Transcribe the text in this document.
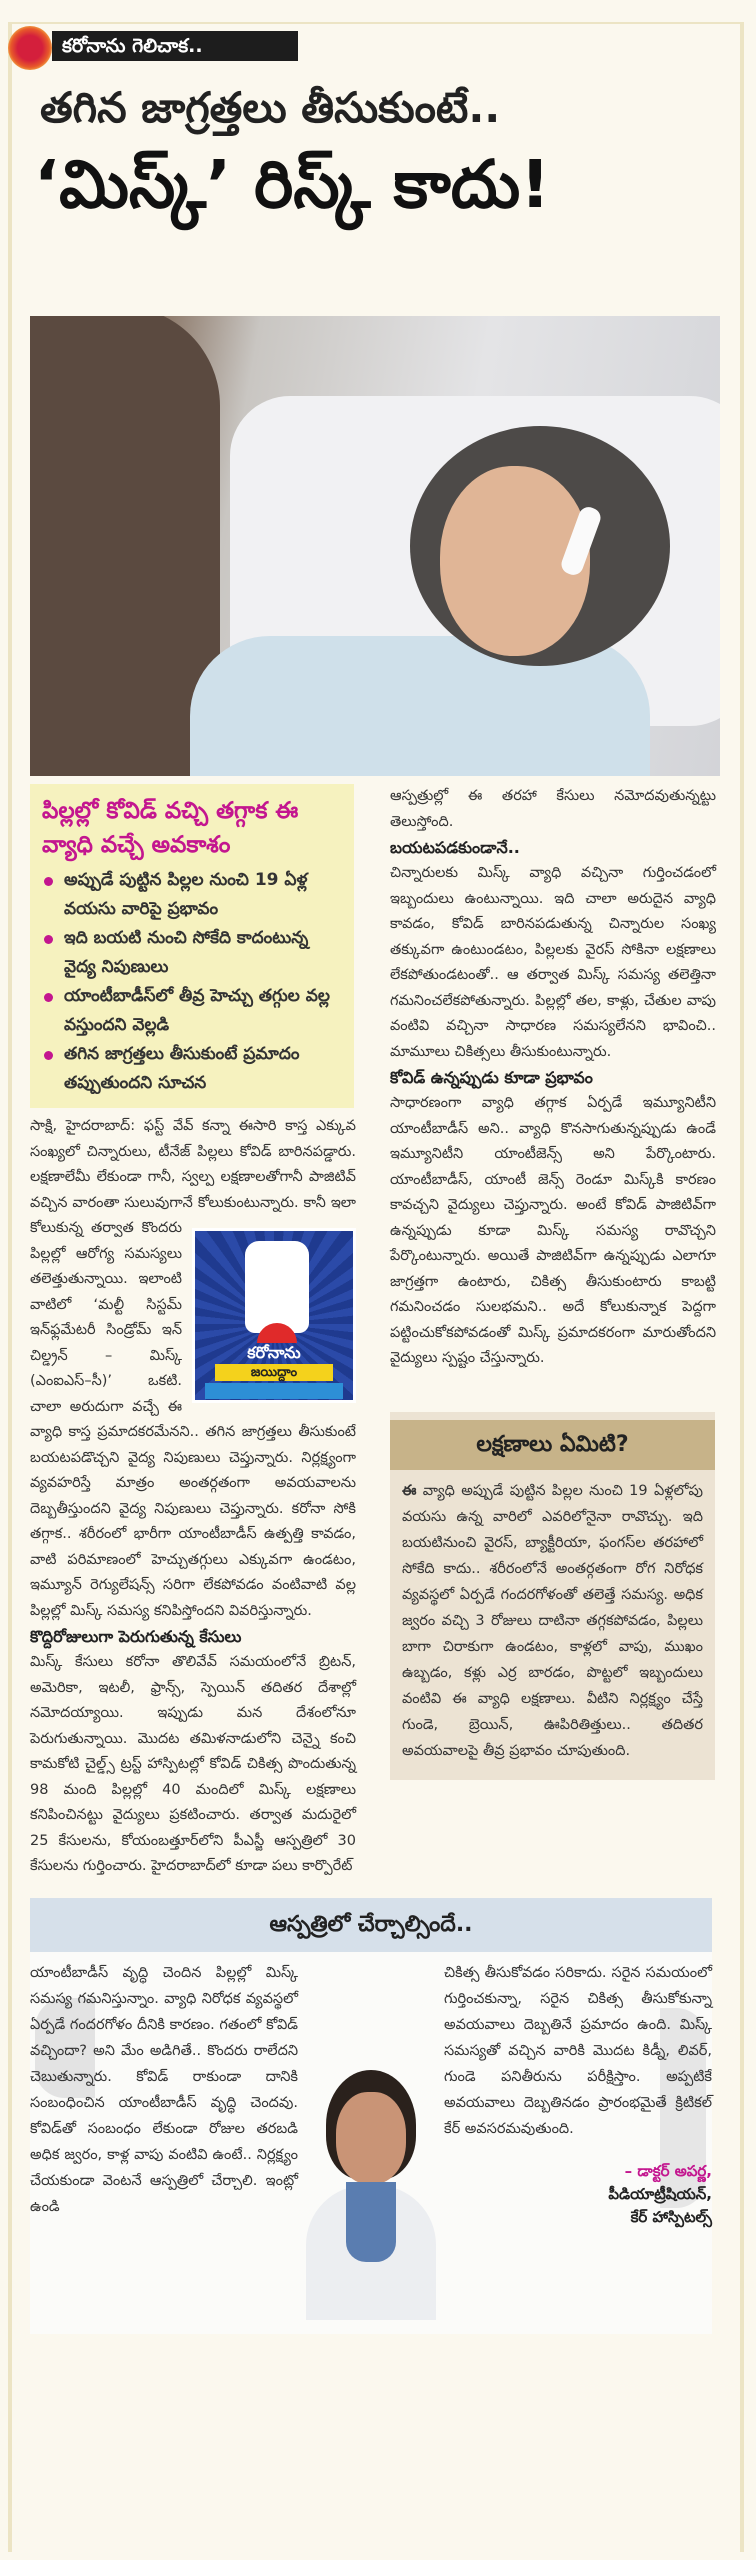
కరోనాను గెలిచాక..
తగిన జాగ్రత్తలు తీసుకుంటే..
‘మిస్క్’ రిస్క్ కాదు!
పిల్లల్లో కోవిడ్ వచ్చి తగ్గాక ఈ వ్యాధి వచ్చే అవకాశం
అప్పుడే పుట్టిన పిల్లల నుంచి 19 ఏళ్ల వయసు వారిపై ప్రభావం
ఇది బయటి నుంచి సోకేది కాదంటున్న వైద్య నిపుణులు
యాంటీబాడీస్‌లో తీవ్ర హెచ్చు తగ్గుల వల్ల వస్తుందని వెల్లడి
తగిన జాగ్రత్తలు తీసుకుంటే ప్రమాదం తప్పుతుందని సూచన
కరోనాను
జయిద్దాం

సాక్షి, హైదరాబాద్: ఫస్ట్ వేవ్ కన్నా ఈసారి కాస్త ఎక్కువ సంఖ్యలో చిన్నారులు, టీనేజ్ పిల్లలు కోవిడ్ బారినపడ్డారు. లక్షణాలేమీ లేకుండా గానీ, స్వల్ప లక్షణాలతోగానీ పాజిటివ్ వచ్చిన వారంతా సులువుగానే కోలుకుంటున్నారు. కానీ ఇలా కోలుకున్న తర్వాత కొందరు పిల్లల్లో ఆరోగ్య సమస్యలు తలెత్తుతున్నాయి. ఇలాంటి వాటిలో ‘మల్టీ సిస్టమ్ ఇన్‌ఫ్లమేటరీ సిండ్రోమ్ ఇన్ చిల్డ్రన్ – మిస్క్ (ఎంఐఎస్–సీ)’ ఒకటి. చాలా అరుదుగా వచ్చే ఈ వ్యాధి కాస్త ప్రమాదకరమేనని.. తగిన జాగ్రత్తలు తీసుకుంటే బయటపడొచ్చని వైద్య నిపుణులు చెప్తున్నారు. నిర్లక్ష్యంగా వ్యవహరిస్తే మాత్రం అంతర్గతంగా అవయవాలను దెబ్బతీస్తుందని వైద్య నిపుణులు చెప్తున్నారు. కరోనా సోకి తగ్గాక.. శరీరంలో భారీగా యాంటీబాడీస్ ఉత్పత్తి కావడం, వాటి పరిమాణంలో హెచ్చుతగ్గులు ఎక్కువగా ఉండటం, ఇమ్యూన్ రెగ్యులేషన్స్ సరిగా లేకపోవడం వంటివాటి వల్ల పిల్లల్లో మిస్క్ సమస్య కనిపిస్తోందని వివరిస్తున్నారు.

కొద్దిరోజులుగా పెరుగుతున్న కేసులు

మిస్క్ కేసులు కరోనా తొలివేవ్ సమయంలోనే బ్రిటన్, అమెరికా, ఇటలీ, ఫ్రాన్స్, స్పెయిన్ తదితర దేశాల్లో నమోదయ్యాయి. ఇప్పుడు మన దేశంలోనూ పెరుగుతున్నాయి. మొదట తమిళనాడులోని చెన్నై కంచి కామకోటి చైల్డ్స్ ట్రస్ట్ హాస్పిటల్లో కోవిడ్ చికిత్స పొందుతున్న 98 మంది పిల్లల్లో 40 మందిలో మిస్క్ లక్షణాలు కనిపించినట్టు వైద్యులు ప్రకటించారు. తర్వాత మదురైలో 25 కేసులను, కోయంబత్తూర్‌లోని పీఎస్జీ ఆస్పత్రిలో 30 కేసులను గుర్తించారు. హైదరాబాద్‌లో కూడా పలు కార్పొరేట్

ఆస్పత్రుల్లో ఈ తరహా కేసులు నమోదవుతున్నట్టు తెలుస్తోంది.

బయటపడకుండానే..

చిన్నారులకు మిస్క్ వ్యాధి వచ్చినా గుర్తించడంలో ఇబ్బందులు ఉంటున్నాయి. ఇది చాలా అరుదైన వ్యాధి కావడం, కోవిడ్ బారినపడుతున్న చిన్నారుల సంఖ్య తక్కువగా ఉంటుండటం, పిల్లలకు వైరస్ సోకినా లక్షణాలు లేకపోతుండటంతో.. ఆ తర్వాత మిస్క్ సమస్య తలెత్తినా గమనించలేకపోతున్నారు. పిల్లల్లో తల, కాళ్లు, చేతుల వాపు వంటివి వచ్చినా సాధారణ సమస్యలేనని భావించి.. మామూలు చికిత్సలు తీసుకుంటున్నారు.

కోవిడ్ ఉన్నప్పుడు కూడా ప్రభావం

సాధారణంగా వ్యాధి తగ్గాక ఏర్పడే ఇమ్యూనిటీని యాంటీబాడీస్ అని.. వ్యాధి కొనసాగుతున్నప్పుడు ఉండే ఇమ్యూనిటీని యాంటీజెన్స్ అని పేర్కొంటారు. యాంటీబాడీస్, యాంటీ జెన్స్ రెండూ మిస్క్‌కి కారణం కావచ్చని వైద్యులు చెప్తున్నారు. అంటే కోవిడ్ పాజిటివ్‌గా ఉన్నప్పుడు కూడా మిస్క్ సమస్య రావొచ్చని పేర్కొంటున్నారు. అయితే పాజిటివ్‌గా ఉన్నప్పుడు ఎలాగూ జాగ్రత్తగా ఉంటారు, చికిత్స తీసుకుంటారు కాబట్టి గమనించడం సులభమని.. అదే కోలుకున్నాక పెద్దగా పట్టించుకోకపోవడంతో మిస్క్ ప్రమాదకరంగా మారుతోందని వైద్యులు స్పష్టం చేస్తున్నారు.

లక్షణాలు ఏమిటి?
ఈ వ్యాధి అప్పుడే పుట్టిన పిల్లల నుంచి 19 ఏళ్లలోపు వయసు ఉన్న వారిలో ఎవరిలోనైనా రావొచ్చు. ఇది బయటినుంచి వైరస్, బ్యాక్టీరియా, ఫంగస్‌ల తరహాలో సోకేది కాదు.. శరీరంలోనే అంతర్గతంగా రోగ నిరోధక వ్యవస్థలో ఏర్పడే గందరగోళంతో తలెత్తే సమస్య. అధిక జ్వరం వచ్చి 3 రోజులు దాటినా తగ్గకపోవడం, పిల్లలు బాగా చిరాకుగా ఉండటం, కాళ్లలో వాపు, ముఖం ఉబ్బడం, కళ్లు ఎర్ర బారడం, పొట్టలో ఇబ్బందులు వంటివి ఈ వ్యాధి లక్షణాలు. వీటిని నిర్లక్ష్యం చేస్తే గుండె, బ్రెయిన్, ఊపిరితిత్తులు.. తదితర అవయవాలపై తీవ్ర ప్రభావం చూపుతుంది.
ఆస్పత్రిలో చేర్చాల్సిందే..
యాంటీబాడీస్ వృద్ధి చెందిన పిల్లల్లో మిస్క్ సమస్య గమనిస్తున్నాం. వ్యాధి నిరోధక వ్యవస్థలో ఏర్పడే గందరగోళం దీనికి కారణం. గతంలో కోవిడ్ వచ్చిందా? అని మేం అడిగితే.. కొందరు రాలేదని చెబుతున్నారు. కోవిడ్ రాకుండా దానికి సంబంధించిన యాంటీబాడీస్ వృద్ధి చెందవు. కోవిడ్‌తో సంబంధం లేకుండా రోజుల తరబడి అధిక జ్వరం, కాళ్ల వాపు వంటివి ఉంటే.. నిర్లక్ష్యం చేయకుండా వెంటనే ఆస్పత్రిలో చేర్చాలి. ఇంట్లో ఉండి
చికిత్స తీసుకోవడం సరికాదు. సరైన సమయంలో గుర్తించకున్నా, సరైన చికిత్స తీసుకోకున్నా అవయవాలు దెబ్బతినే ప్రమాదం ఉంది. మిస్క్ సమస్యతో వచ్చిన వారికి మొదట కిడ్నీ, లివర్, గుండె పనితీరును పరీక్షిస్తాం. అప్పటికే అవయవాలు దెబ్బతినడం ప్రారంభమైతే క్రిటికల్ కేర్ అవసరమవుతుంది.
– డాక్టర్ అపర్ణ,
పీడియాట్రీషియన్,
కేర్ హాస్పిటల్స్
